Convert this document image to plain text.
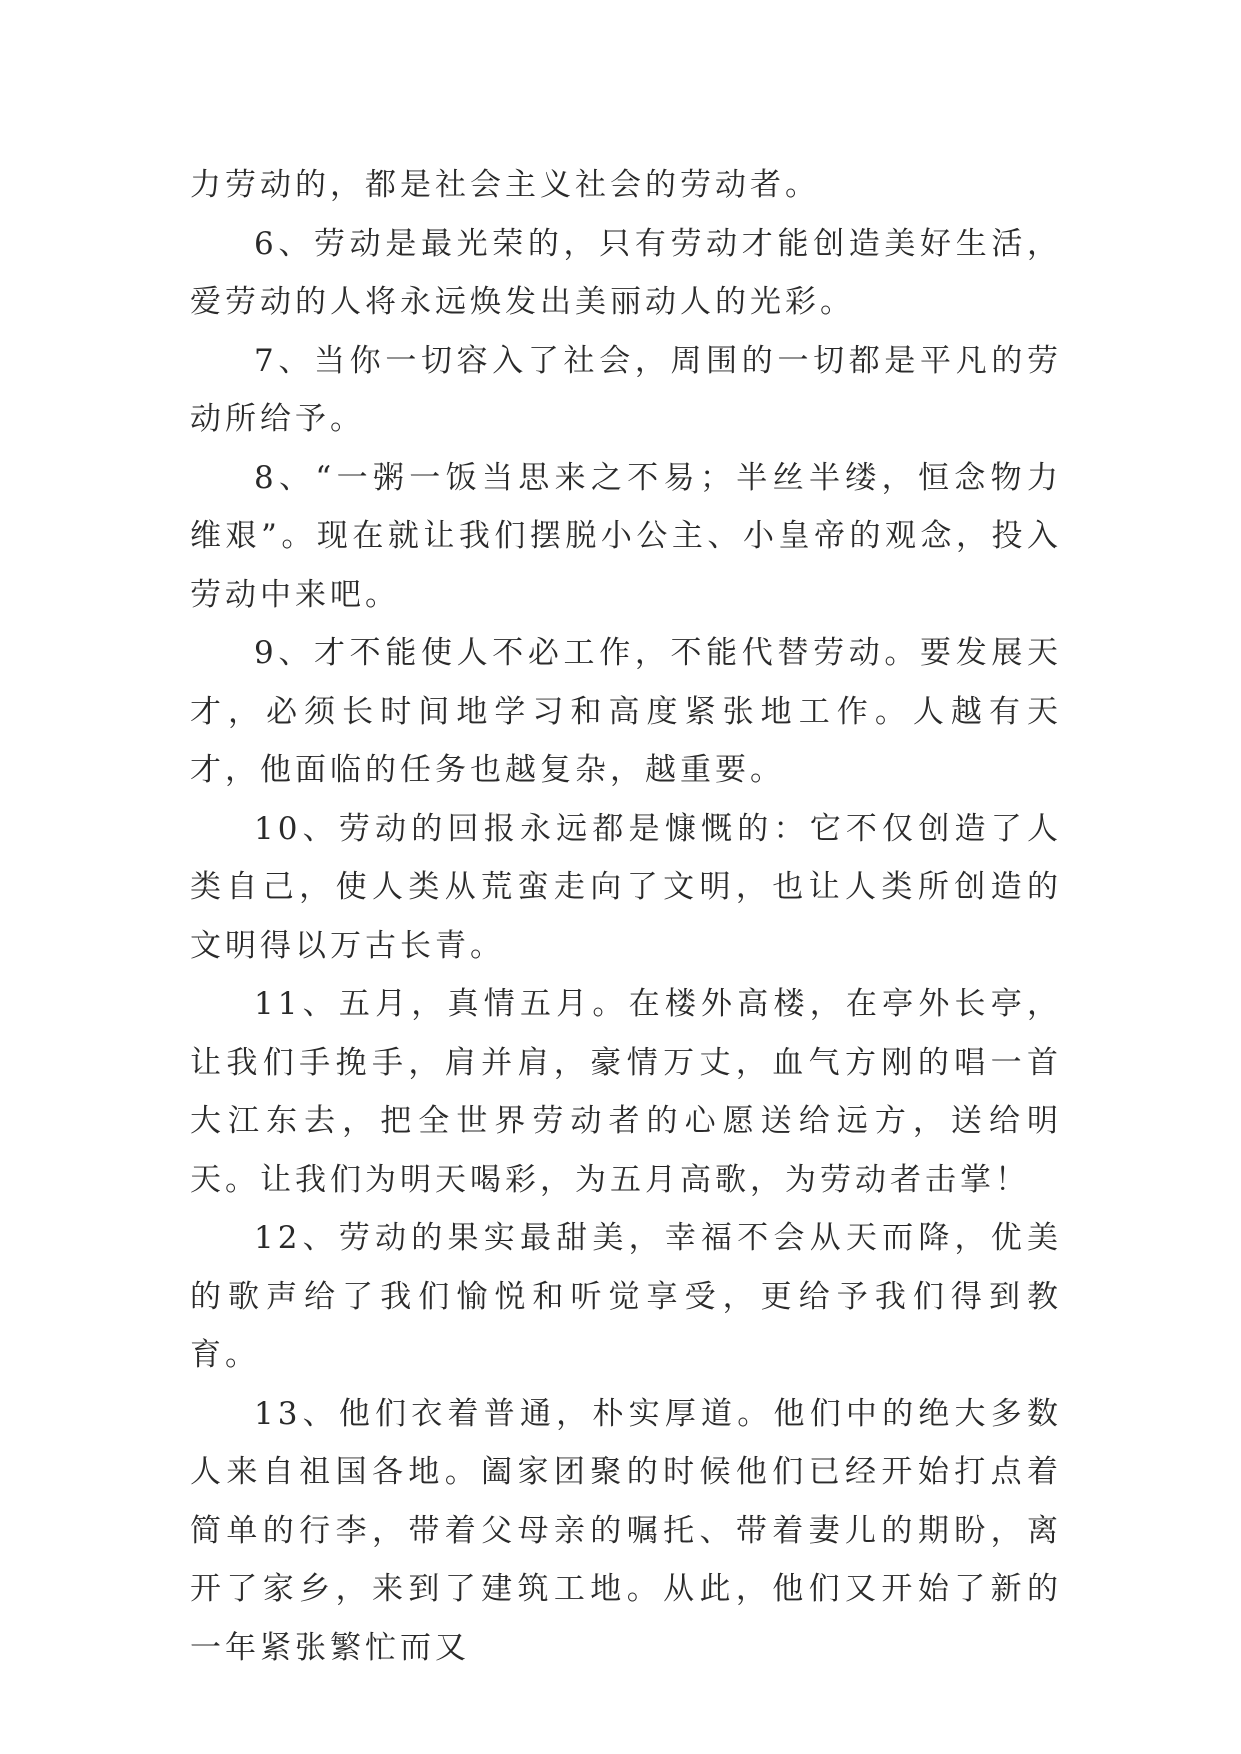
力劳动的，都是社会主义社会的劳动者。

6、劳动是最光荣的，只有劳动才能创造美好生活，爱劳动的人将永远焕发出美丽动人的光彩。

7、当你一切容入了社会，周围的一切都是平凡的劳动所给予。

8、“一粥一饭当思来之不易；半丝半缕，恒念物力维艰”。现在就让我们摆脱小公主、小皇帝的观念，投入劳动中来吧。

9、才不能使人不必工作，不能代替劳动。要发展天才，必须长时间地学习和高度紧张地工作。人越有天才，他面临的任务也越复杂，越重要。

10、劳动的回报永远都是慷慨的：它不仅创造了人类自己，使人类从荒蛮走向了文明，也让人类所创造的文明得以万古长青。

11、五月，真情五月。在楼外高楼，在亭外长亭，让我们手挽手，肩并肩，豪情万丈，血气方刚的唱一首大江东去，把全世界劳动者的心愿送给远方，送给明天。让我们为明天喝彩，为五月高歌，为劳动者击掌！

12、劳动的果实最甜美，幸福不会从天而降，优美的歌声给了我们愉悦和听觉享受，更给予我们得到教育。

13、他们衣着普通，朴实厚道。他们中的绝大多数人来自祖国各地。阖家团聚的时候他们已经开始打点着简单的行李，带着父母亲的嘱托、带着妻儿的期盼，离开了家乡，来到了建筑工地。从此，他们又开始了新的一年紧张繁忙而又
